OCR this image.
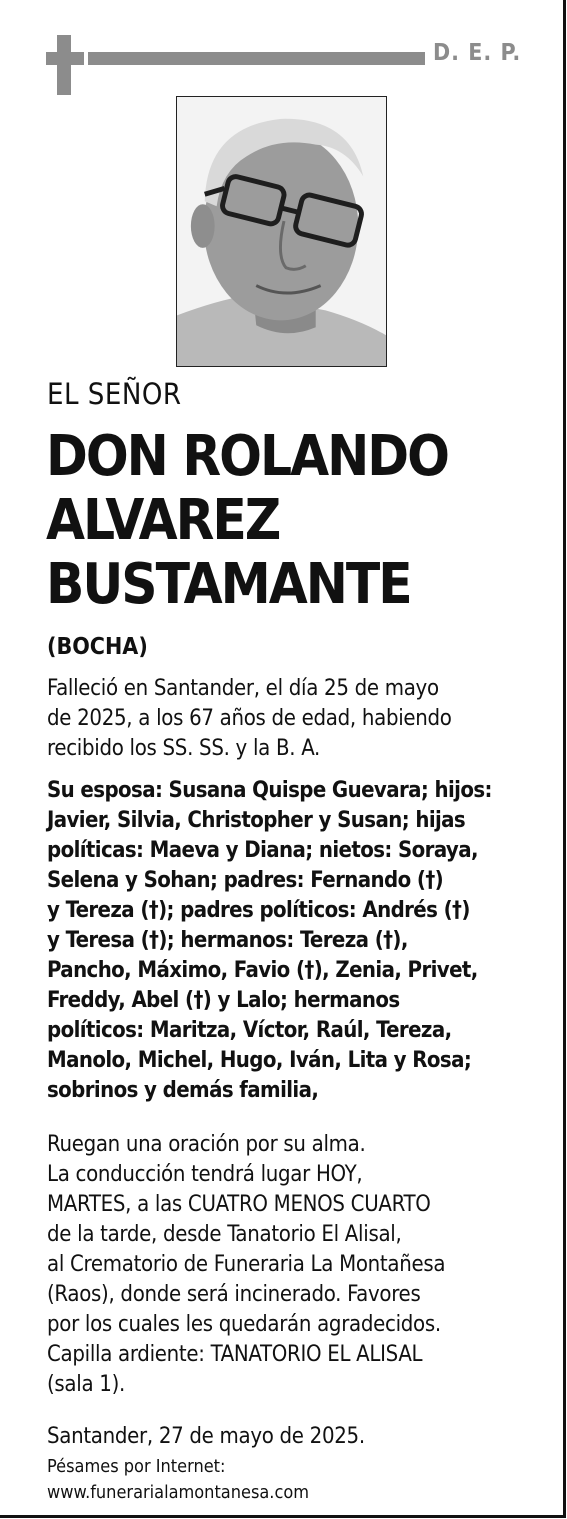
D. E. P.
EL SEÑOR
DON ROLANDO
ALVAREZ
BUSTAMANTE
(BOCHA)
Falleció en Santander, el día 25 de mayo
de 2025, a los 67 años de edad, habiendo
recibido los SS. SS. y la B. A.
Su esposa: Susana Quispe Guevara; hijos:
Javier, Silvia, Christopher y Susan; hijas
políticas: Maeva y Diana; nietos: Soraya,
Selena y Sohan; padres: Fernando (†)
y Tereza (†); padres políticos: Andrés (†)
y Teresa (†); hermanos: Tereza (†),
Pancho, Máximo, Favio (†), Zenia, Privet,
Freddy, Abel (†) y Lalo; hermanos
políticos: Maritza, Víctor, Raúl, Tereza,
Manolo, Michel, Hugo, Iván, Lita y Rosa;
sobrinos y demás familia,
Ruegan una oración por su alma.
La conducción tendrá lugar HOY,
MARTES, a las CUATRO MENOS CUARTO
de la tarde, desde Tanatorio El Alisal,
al Crematorio de Funeraria La Montañesa
(Raos), donde será incinerado. Favores
por los cuales les quedarán agradecidos.
Capilla ardiente: TANATORIO EL ALISAL
(sala 1).
Santander, 27 de mayo de 2025.
Pésames por Internet:
www.funerarialamontanesa.com
